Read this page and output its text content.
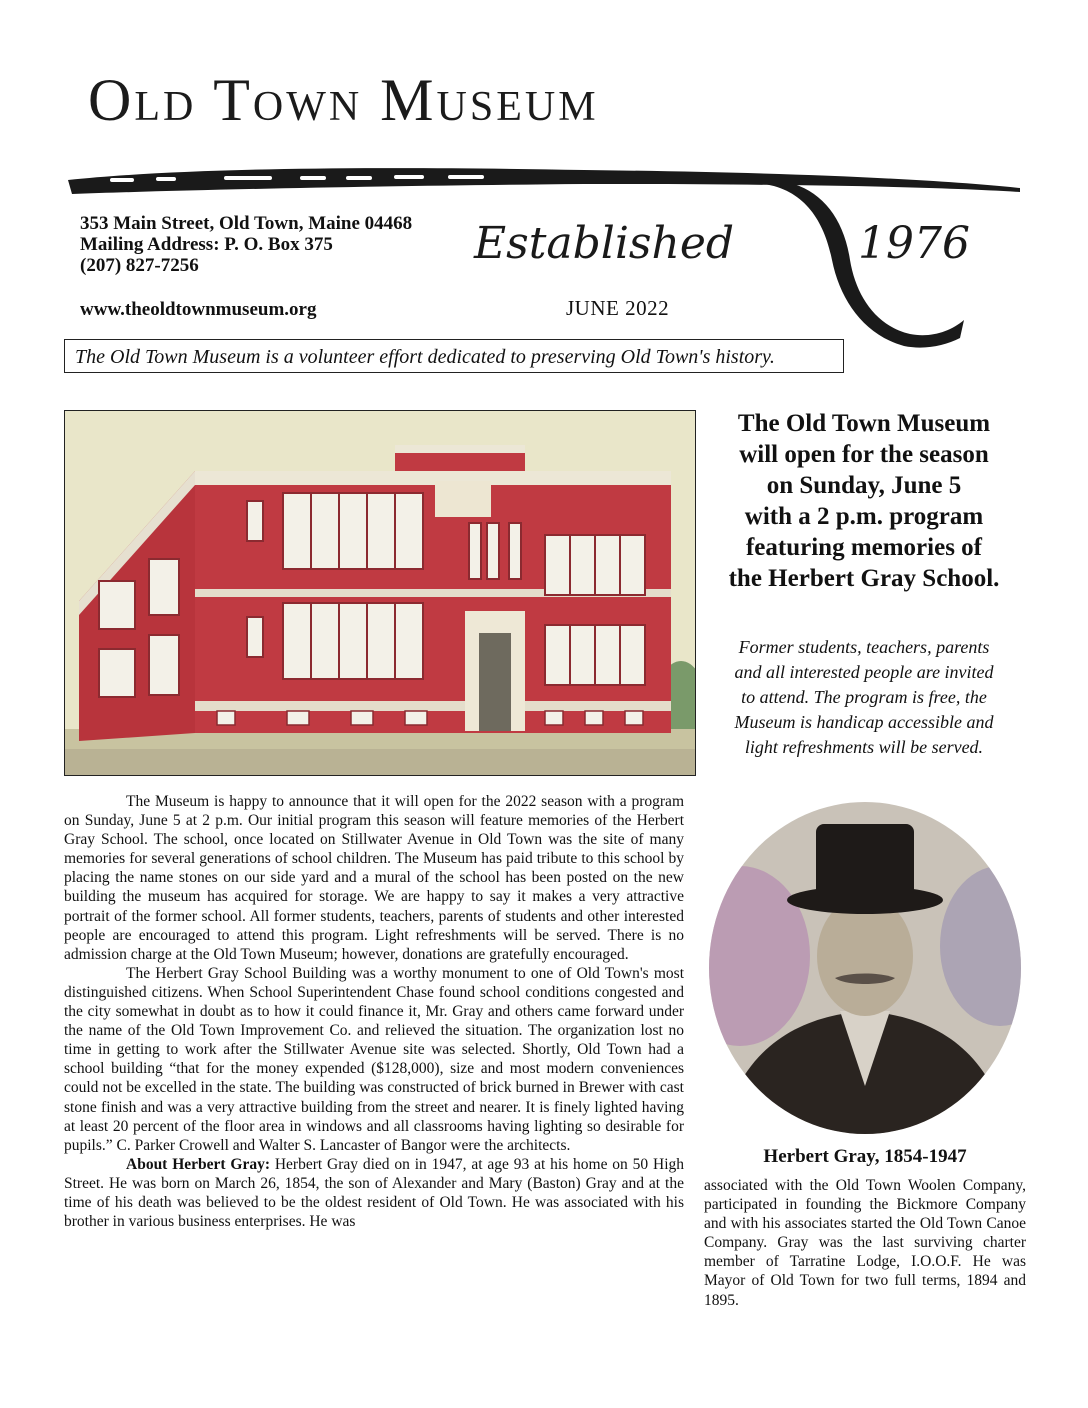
Old Town Museum
Established	1976
353 Main Street, Old Town, Maine 04468
Mailing Address: P. O. Box 375
(207) 827-7256
www.theoldtownmuseum.org	JUNE 2022
The Old Town Museum is a volunteer effort dedicated to preserving Old Town's history.
The Old Town Museum
will open for the season
on Sunday, June 5
with a 2 p.m. program
featuring memories of
the Herbert Gray School.
Former students, teachers, parents
and all interested people are invited
to attend. The program is free, the
Museum is handicap accessible and
light refreshments will be served.
Herbert Gray, 1854-1947

The Museum is happy to announce that it will open for the 2022 season with a program on Sunday, June 5 at 2 p.m. Our initial program this season will feature memories of the Herbert Gray School. The school, once located on Stillwater Avenue in Old Town was the site of many memories for several generations of school children. The Museum has paid tribute to this school by placing the name stones on our side yard and a mural of the school has been posted on the new building the museum has acquired for storage. We are happy to say it makes a very attractive portrait of the former school. All former students, teachers, parents of students and other interested people are encouraged to attend this program. Light refreshments will be served. There is no admission charge at the Old Town Museum; however, donations are gratefully encouraged.

The Herbert Gray School Building was a worthy monument to one of Old Town's most distinguished citizens. When School Superintendent Chase found school conditions congested and the city somewhat in doubt as to how it could finance it, Mr. Gray and others came forward under the name of the Old Town Improvement Co. and relieved the situation. The organization lost no time in getting to work after the Stillwater Avenue site was selected. Shortly, Old Town had a school building “that for the money expended ($128,000), size and most modern conveniences could not be excelled in the state. The building was constructed of brick burned in Brewer with cast stone finish and was a very attractive building from the street and nearer. It is finely lighted having at least 20 percent of the floor area in windows and all classrooms having lighting so desirable for pupils.” C. Parker Crowell and Walter S. Lancaster of Bangor were the architects.

About Herbert Gray: Herbert Gray died on in 1947, at age 93 at his home on 50 High Street. He was born on March 26, 1854, the son of Alexander and Mary (Baston) Gray and at the time of his death was believed to be the oldest resident of Old Town. He was associated with his brother in various business enterprises. He was

associated with the Old Town Woolen Company, participated in founding the Bickmore Company and with his associates started the Old Town Canoe Company. Gray was the last surviving charter member of Tarratine Lodge, I.O.O.F. He was Mayor of Old Town for two full terms, 1894 and 1895.
